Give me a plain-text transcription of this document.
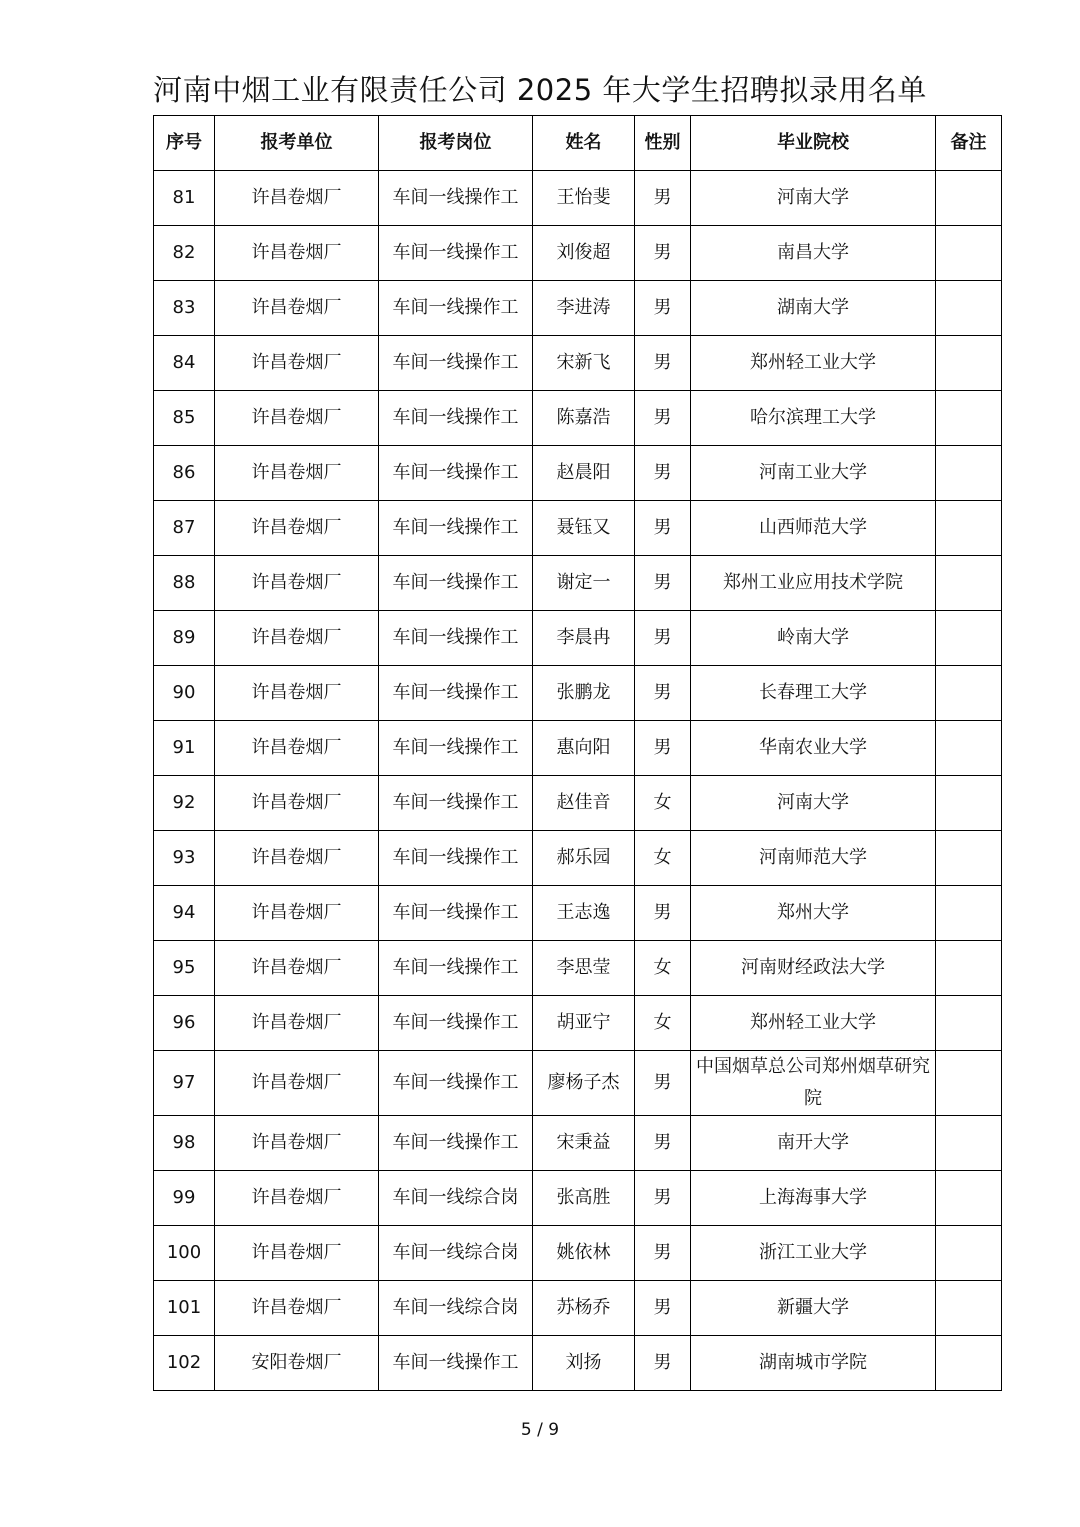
河南中烟工业有限责任公司 2025 年大学生招聘拟录用名单
序号	报考单位	报考岗位	姓名	性别	毕业院校	备注
81	许昌卷烟厂	车间一线操作工	王怡斐	男	河南大学	
82	许昌卷烟厂	车间一线操作工	刘俊超	男	南昌大学	
83	许昌卷烟厂	车间一线操作工	李进涛	男	湖南大学	
84	许昌卷烟厂	车间一线操作工	宋新飞	男	郑州轻工业大学	
85	许昌卷烟厂	车间一线操作工	陈嘉浩	男	哈尔滨理工大学	
86	许昌卷烟厂	车间一线操作工	赵晨阳	男	河南工业大学	
87	许昌卷烟厂	车间一线操作工	聂钰又	男	山西师范大学	
88	许昌卷烟厂	车间一线操作工	谢定一	男	郑州工业应用技术学院	
89	许昌卷烟厂	车间一线操作工	李晨冉	男	岭南大学	
90	许昌卷烟厂	车间一线操作工	张鹏龙	男	长春理工大学	
91	许昌卷烟厂	车间一线操作工	惠向阳	男	华南农业大学	
92	许昌卷烟厂	车间一线操作工	赵佳音	女	河南大学	
93	许昌卷烟厂	车间一线操作工	郝乐园	女	河南师范大学	
94	许昌卷烟厂	车间一线操作工	王志逸	男	郑州大学	
95	许昌卷烟厂	车间一线操作工	李思莹	女	河南财经政法大学	
96	许昌卷烟厂	车间一线操作工	胡亚宁	女	郑州轻工业大学	
97	许昌卷烟厂	车间一线操作工	廖杨子杰	男	中国烟草总公司郑州烟草研究院	
98	许昌卷烟厂	车间一线操作工	宋秉益	男	南开大学	
99	许昌卷烟厂	车间一线综合岗	张高胜	男	上海海事大学	
100	许昌卷烟厂	车间一线综合岗	姚依林	男	浙江工业大学	
101	许昌卷烟厂	车间一线综合岗	苏杨乔	男	新疆大学	
102	安阳卷烟厂	车间一线操作工	刘扬	男	湖南城市学院	
5 / 9
